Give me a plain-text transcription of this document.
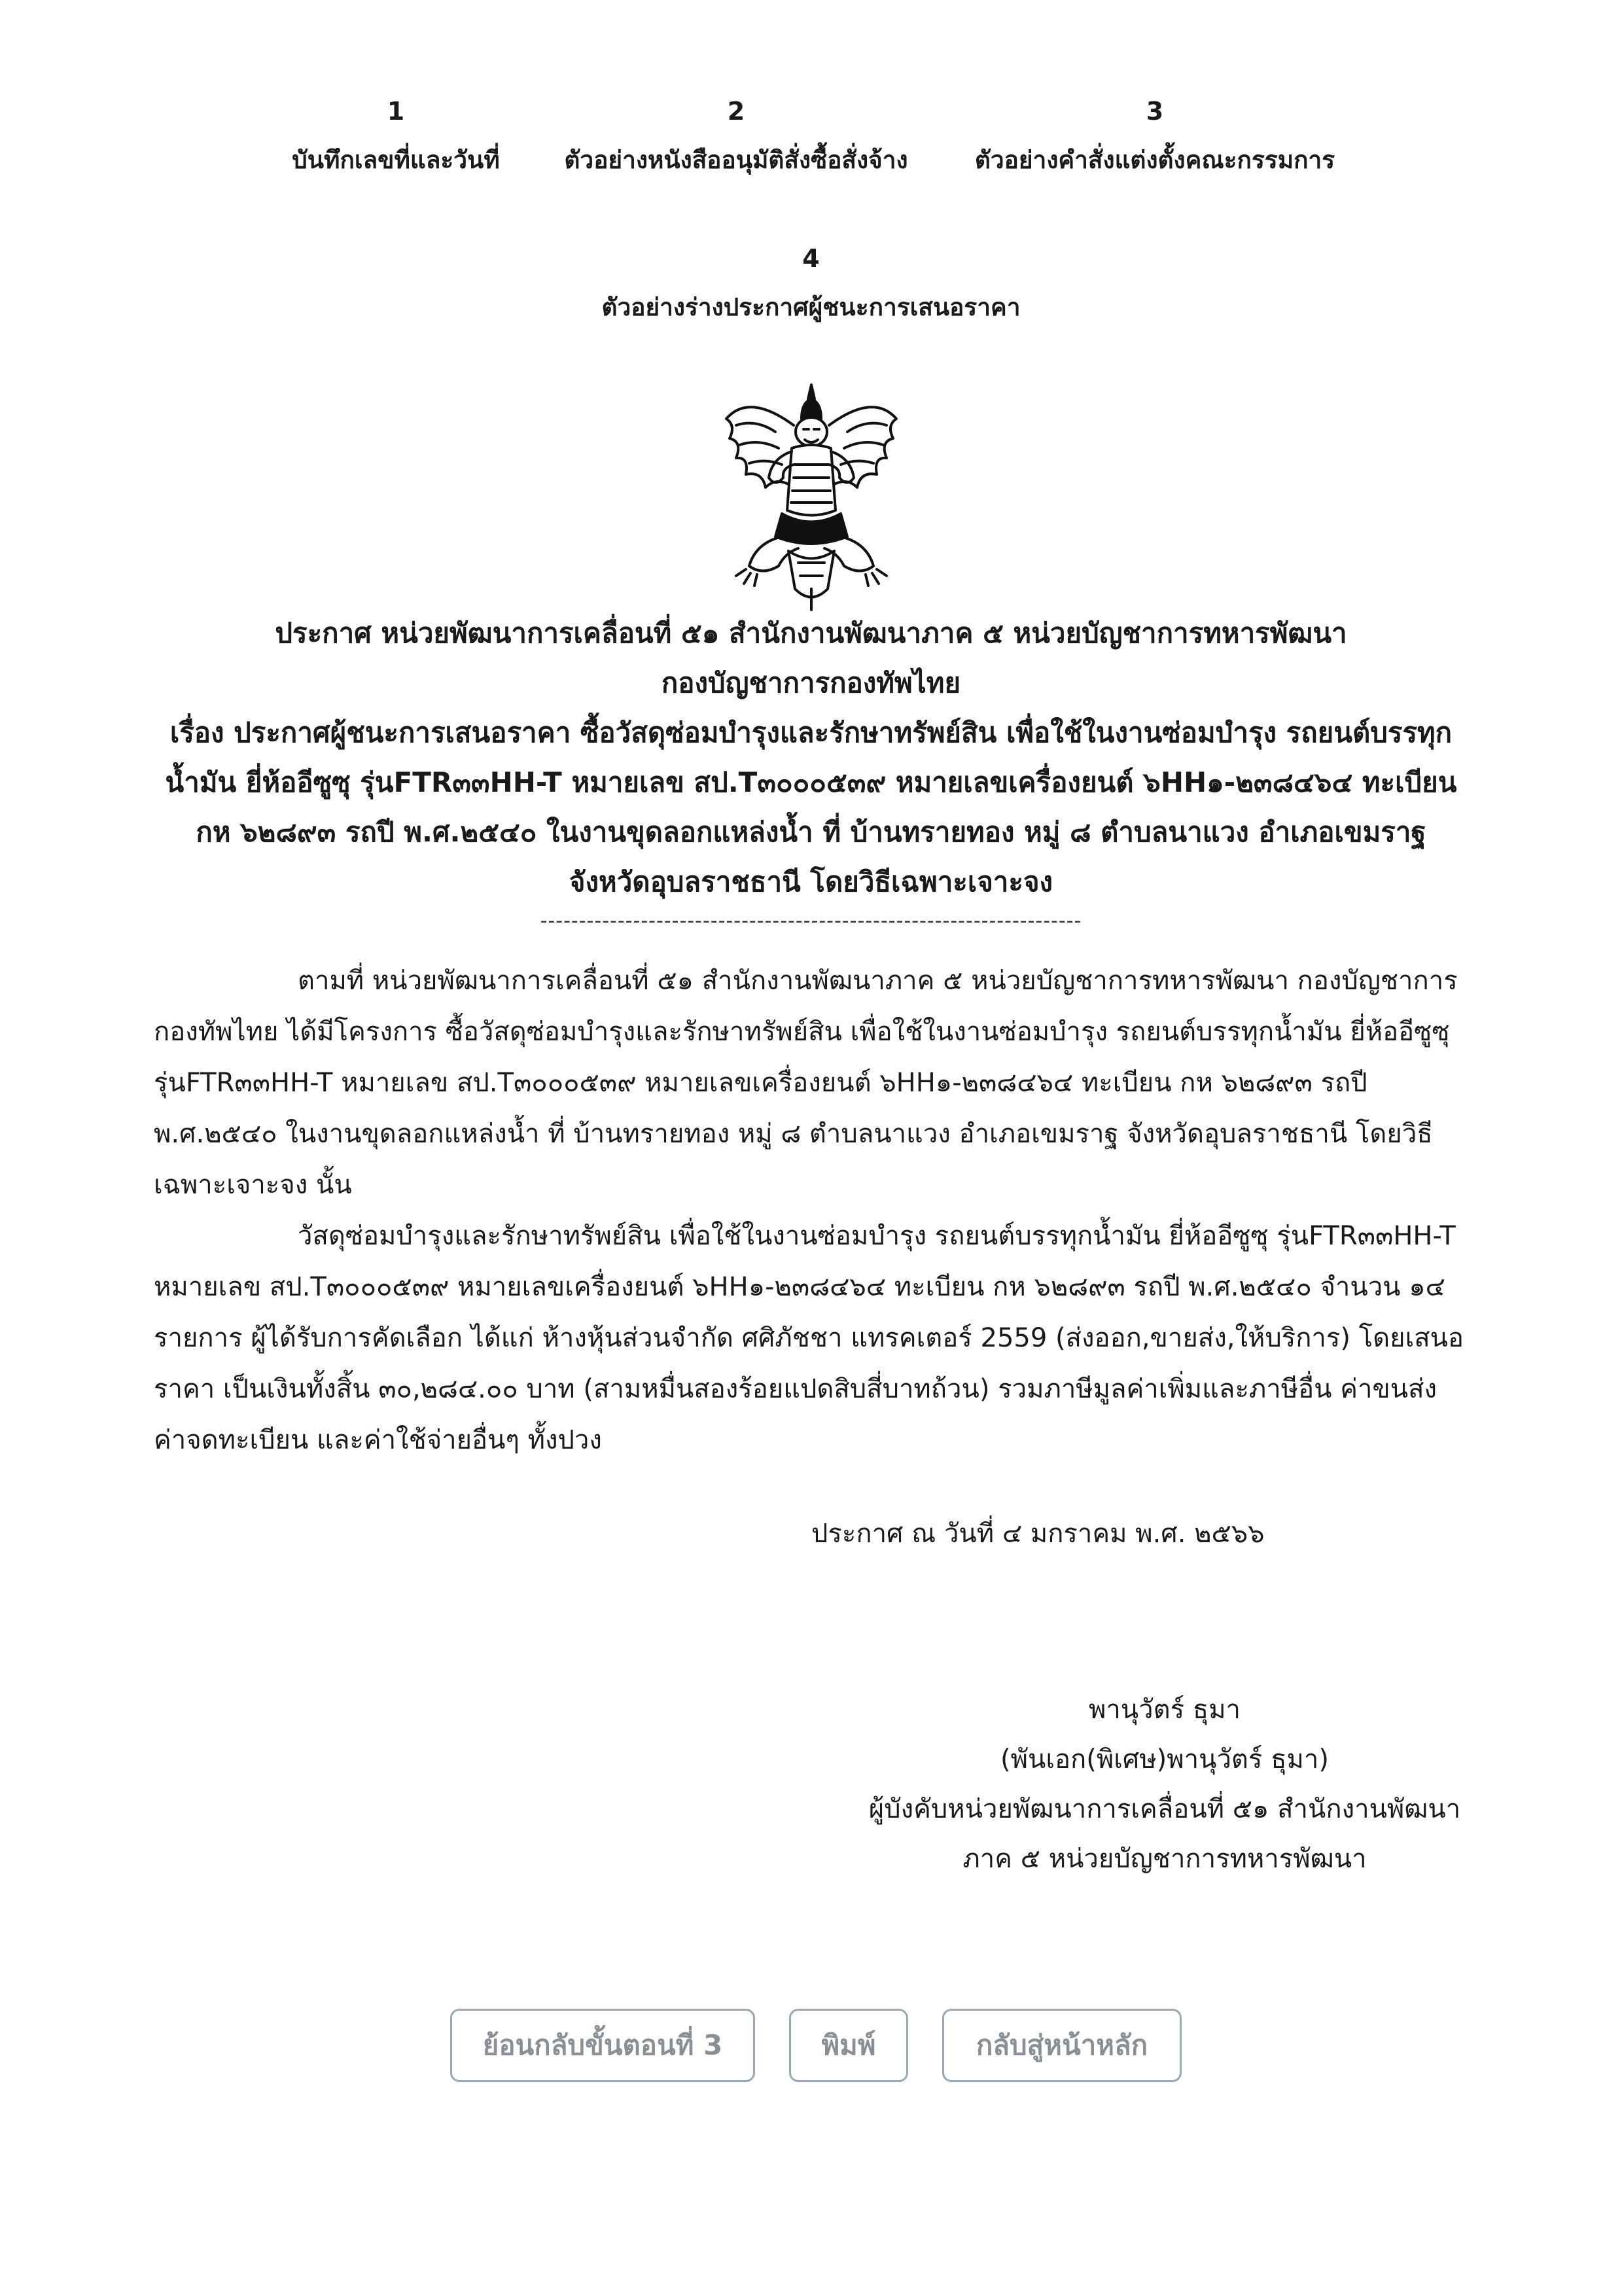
1
บันทึกเลขที่และวันที่
2
ตัวอย่างหนังสืออนุมัติสั่งซื้อสั่งจ้าง
3
ตัวอย่างคำสั่งแต่งตั้งคณะกรรมการ
4
ตัวอย่างร่างประกาศผู้ชนะการเสนอราคา
ประกาศ หน่วยพัฒนาการเคลื่อนที่ ๕๑ สำนักงานพัฒนาภาค ๕ หน่วยบัญชาการทหารพัฒนา
กองบัญชาการกองทัพไทย
เรื่อง ประกาศผู้ชนะการเสนอราคา ซื้อวัสดุซ่อมบำรุงและรักษาทรัพย์สิน เพื่อใช้ในงานซ่อมบำรุง รถยนต์บรรทุก
น้ำมัน ยี่ห้ออีซูซุ รุ่นFTR๓๓HH-T หมายเลข สป.T๓๐๐๐๕๓๙ หมายเลขเครื่องยนต์ ๖HH๑-๒๓๘๔๖๔ ทะเบียน
กห ๖๒๘๙๓ รถปี พ.ศ.๒๕๔๐ ในงานขุดลอกแหล่งน้ำ ที่ บ้านทรายทอง หมู่ ๘ ตำบลนาแวง อำเภอเขมราฐ
จังหวัดอุบลราชธานี โดยวิธีเฉพาะเจาะจง
----------------------------------------------------------------------

ตามที่ หน่วยพัฒนาการเคลื่อนที่ ๕๑ สำนักงานพัฒนาภาค ๕ หน่วยบัญชาการทหารพัฒนา กองบัญชาการกองทัพไทย ได้มีโครงการ ซื้อวัสดุซ่อมบำรุงและรักษาทรัพย์สิน เพื่อใช้ในงานซ่อมบำรุง รถยนต์บรรทุกน้ำมัน ยี่ห้ออีซูซุ รุ่นFTR๓๓HH-T หมายเลข สป.T๓๐๐๐๕๓๙ หมายเลขเครื่องยนต์ ๖HH๑-๒๓๘๔๖๔ ทะเบียน กห ๖๒๘๙๓ รถปี พ.ศ.๒๕๔๐ ในงานขุดลอกแหล่งน้ำ ที่ บ้านทรายทอง หมู่ ๘ ตำบลนาแวง อำเภอเขมราฐ จังหวัดอุบลราชธานี โดยวิธีเฉพาะเจาะจง นั้น

วัสดุซ่อมบำรุงและรักษาทรัพย์สิน เพื่อใช้ในงานซ่อมบำรุง รถยนต์บรรทุกน้ำมัน ยี่ห้ออีซูซุ รุ่นFTR๓๓HH-T หมายเลข สป.T๓๐๐๐๕๓๙ หมายเลขเครื่องยนต์ ๖HH๑-๒๓๘๔๖๔ ทะเบียน กห ๖๒๘๙๓ รถปี พ.ศ.๒๕๔๐ จำนวน ๑๔ รายการ ผู้ได้รับการคัดเลือก ได้แก่ ห้างหุ้นส่วนจำกัด ศศิภัชชา แทรคเตอร์ 2559 (ส่งออก,ขายส่ง,ให้บริการ) โดยเสนอราคา เป็นเงินทั้งสิ้น ๓๐,๒๘๔.๐๐ บาท (สามหมื่นสองร้อยแปดสิบสี่บาทถ้วน) รวมภาษีมูลค่าเพิ่มและภาษีอื่น ค่าขนส่ง ค่าจดทะเบียน และค่าใช้จ่ายอื่นๆ ทั้งปวง

ประกาศ ณ วันที่ ๔ มกราคม พ.ศ. ๒๕๖๖
พานุวัตร์ ธุมา
(พันเอก(พิเศษ)พานุวัตร์ ธุมา)
ผู้บังคับหน่วยพัฒนาการเคลื่อนที่ ๕๑ สำนักงานพัฒนา
ภาค ๕ หน่วยบัญชาการทหารพัฒนา
ย้อนกลับขั้นตอนที่ 3	พิมพ์	กลับสู่หน้าหลัก
